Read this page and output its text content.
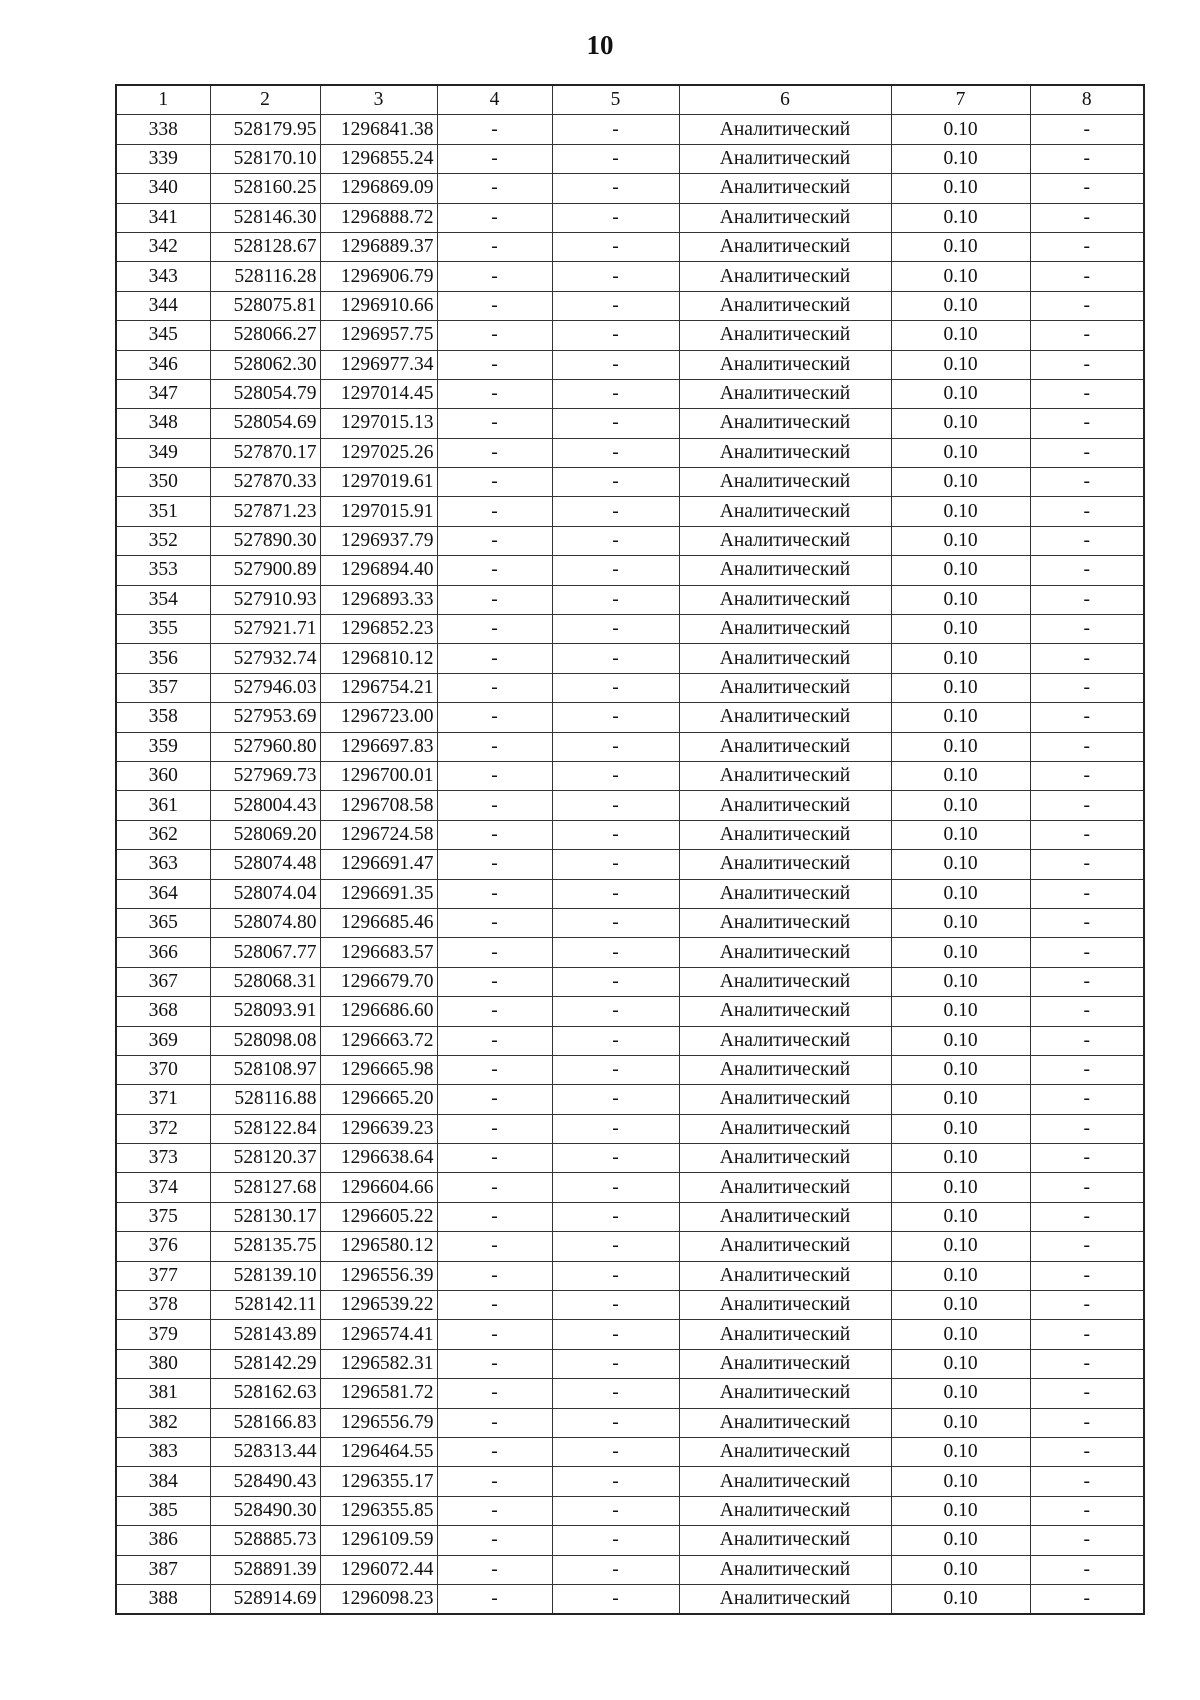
10
1	2	3	4	5	6	7	8
338	528179.95	1296841.38	-	-	Аналитический	0.10	-
339	528170.10	1296855.24	-	-	Аналитический	0.10	-
340	528160.25	1296869.09	-	-	Аналитический	0.10	-
341	528146.30	1296888.72	-	-	Аналитический	0.10	-
342	528128.67	1296889.37	-	-	Аналитический	0.10	-
343	528116.28	1296906.79	-	-	Аналитический	0.10	-
344	528075.81	1296910.66	-	-	Аналитический	0.10	-
345	528066.27	1296957.75	-	-	Аналитический	0.10	-
346	528062.30	1296977.34	-	-	Аналитический	0.10	-
347	528054.79	1297014.45	-	-	Аналитический	0.10	-
348	528054.69	1297015.13	-	-	Аналитический	0.10	-
349	527870.17	1297025.26	-	-	Аналитический	0.10	-
350	527870.33	1297019.61	-	-	Аналитический	0.10	-
351	527871.23	1297015.91	-	-	Аналитический	0.10	-
352	527890.30	1296937.79	-	-	Аналитический	0.10	-
353	527900.89	1296894.40	-	-	Аналитический	0.10	-
354	527910.93	1296893.33	-	-	Аналитический	0.10	-
355	527921.71	1296852.23	-	-	Аналитический	0.10	-
356	527932.74	1296810.12	-	-	Аналитический	0.10	-
357	527946.03	1296754.21	-	-	Аналитический	0.10	-
358	527953.69	1296723.00	-	-	Аналитический	0.10	-
359	527960.80	1296697.83	-	-	Аналитический	0.10	-
360	527969.73	1296700.01	-	-	Аналитический	0.10	-
361	528004.43	1296708.58	-	-	Аналитический	0.10	-
362	528069.20	1296724.58	-	-	Аналитический	0.10	-
363	528074.48	1296691.47	-	-	Аналитический	0.10	-
364	528074.04	1296691.35	-	-	Аналитический	0.10	-
365	528074.80	1296685.46	-	-	Аналитический	0.10	-
366	528067.77	1296683.57	-	-	Аналитический	0.10	-
367	528068.31	1296679.70	-	-	Аналитический	0.10	-
368	528093.91	1296686.60	-	-	Аналитический	0.10	-
369	528098.08	1296663.72	-	-	Аналитический	0.10	-
370	528108.97	1296665.98	-	-	Аналитический	0.10	-
371	528116.88	1296665.20	-	-	Аналитический	0.10	-
372	528122.84	1296639.23	-	-	Аналитический	0.10	-
373	528120.37	1296638.64	-	-	Аналитический	0.10	-
374	528127.68	1296604.66	-	-	Аналитический	0.10	-
375	528130.17	1296605.22	-	-	Аналитический	0.10	-
376	528135.75	1296580.12	-	-	Аналитический	0.10	-
377	528139.10	1296556.39	-	-	Аналитический	0.10	-
378	528142.11	1296539.22	-	-	Аналитический	0.10	-
379	528143.89	1296574.41	-	-	Аналитический	0.10	-
380	528142.29	1296582.31	-	-	Аналитический	0.10	-
381	528162.63	1296581.72	-	-	Аналитический	0.10	-
382	528166.83	1296556.79	-	-	Аналитический	0.10	-
383	528313.44	1296464.55	-	-	Аналитический	0.10	-
384	528490.43	1296355.17	-	-	Аналитический	0.10	-
385	528490.30	1296355.85	-	-	Аналитический	0.10	-
386	528885.73	1296109.59	-	-	Аналитический	0.10	-
387	528891.39	1296072.44	-	-	Аналитический	0.10	-
388	528914.69	1296098.23	-	-	Аналитический	0.10	-
